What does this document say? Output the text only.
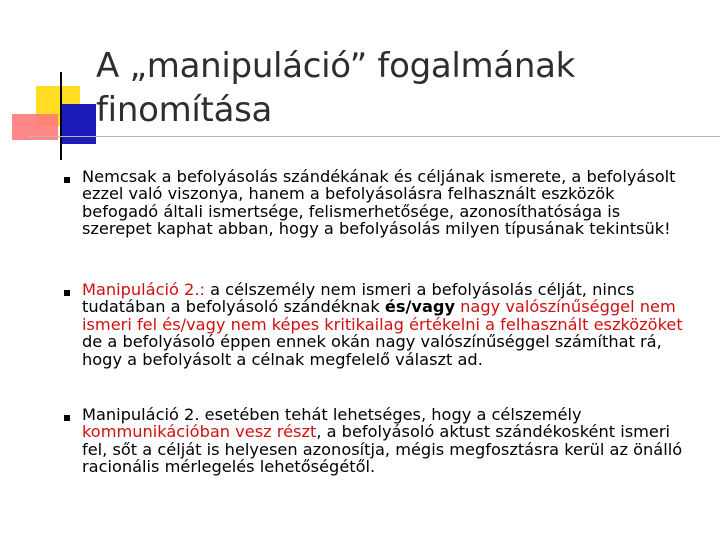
A „manipuláció” fogalmának finomítása
Nemcsak a befolyásolás szándékának és céljának ismerete, a befolyásolt ezzel való viszonya, hanem a befolyásolásra felhasznált eszközök befogadó általi ismertsége, felismerhetősége, azonosíthatósága is szerepet kaphat abban, hogy a befolyásolás milyen típusának tekintsük!
Manipuláció 2.: a célszemély nem ismeri a befolyásolás célját, nincs tudatában a befolyásoló szándéknak és/vagy nagy valószínűséggel nem ismeri fel és/vagy nem képes kritikailag értékelni a felhasznált eszközöket de a befolyásoló éppen ennek okán nagy valószínűséggel számíthat rá, hogy a befolyásolt a célnak megfelelő választ ad.
Manipuláció 2. esetében tehát lehetséges, hogy a célszemély kommunikációban vesz részt, a befolyásoló aktust szándékosként ismeri fel, sőt a célját is helyesen azonosítja, mégis megfosztásra kerül az önálló racionális mérlegelés lehetőségétől.
